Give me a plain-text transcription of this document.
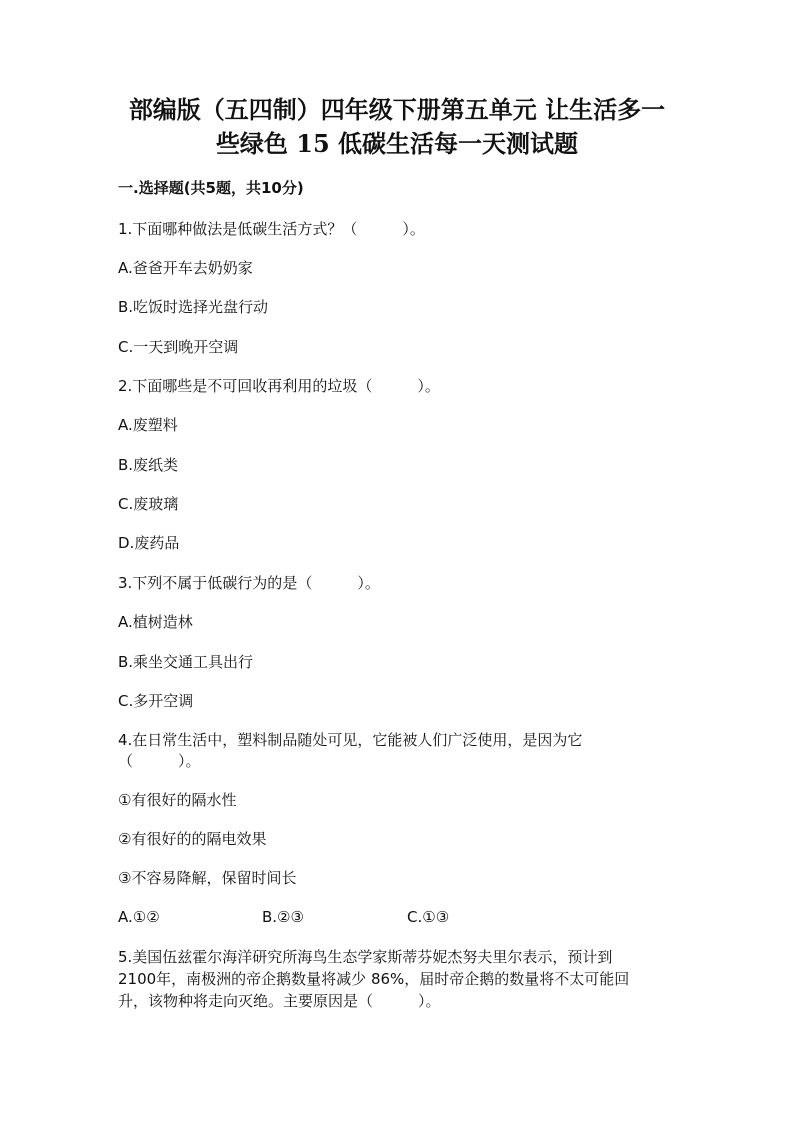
部编版（五四制）四年级下册第五单元 让生活多一
些绿色 15 低碳生活每一天测试题
一.选择题(共5题，共10分)
1.下面哪种做法是低碳生活方式？（　　　）。
A.爸爸开车去奶奶家
B.吃饭时选择光盘行动
C.一天到晚开空调
2.下面哪些是不可回收再利用的垃圾（　　　）。
A.废塑料
B.废纸类
C.废玻璃
D.废药品
3.下列不属于低碳行为的是（　　　）。
A.植树造林
B.乘坐交通工具出行
C.多开空调
4.在日常生活中，塑料制品随处可见，它能被人们广泛使用，是因为它
（　　　）。
①有很好的隔水性
②有很好的的隔电效果
③不容易降解，保留时间长
A.①②	B.②③	C.①③
5.美国伍兹霍尔海洋研究所海鸟生态学家斯蒂芬妮杰努夫里尔表示，预计到
2100年，南极洲的帝企鹅数量将减少 86%，届时帝企鹅的数量将不太可能回
升，该物种将走向灭绝。主要原因是（　　　）。
